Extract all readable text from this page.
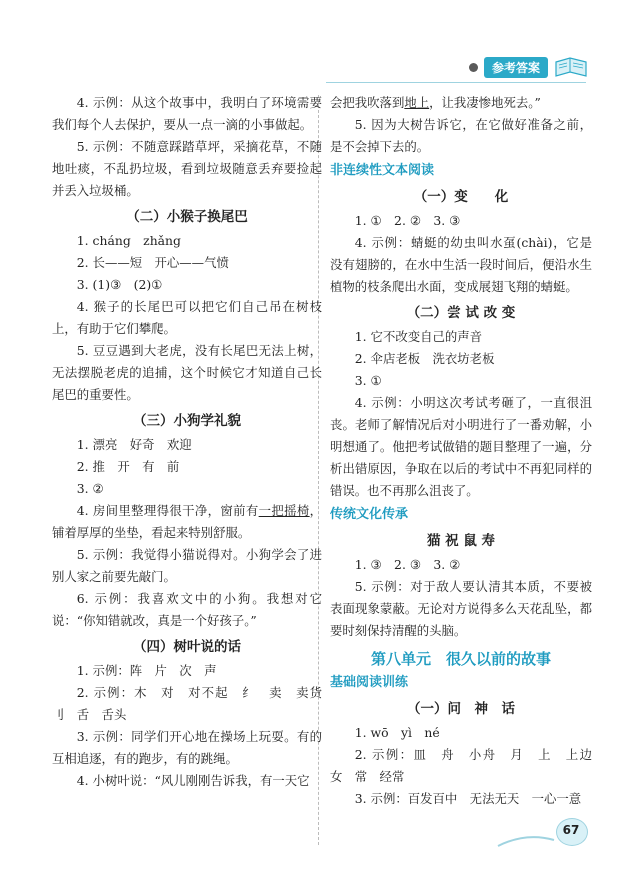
参考答案

4. 示例：从这个故事中，我明白了环境需要我们每个人去保护，要从一点一滴的小事做起。

5. 示例：不随意踩踏草坪，采摘花草，不随地吐痰，不乱扔垃圾，看到垃圾随意丢弃要捡起并丢入垃圾桶。

（二）小猴子换尾巴

1. cháng　zhǎng

2. 长——短　开心——气愤

3. (1)③　(2)①

4. 猴子的长尾巴可以把它们自己吊在树枝上，有助于它们攀爬。

5. 豆豆遇到大老虎，没有长尾巴无法上树，无法摆脱老虎的追捕，这个时候它才知道自己长尾巴的重要性。

（三）小狗学礼貌

1. 漂亮　好奇　欢迎

2. 推　开　有　前

3. ②

4. 房间里整理得很干净，窗前有一把摇椅，铺着厚厚的坐垫，看起来特别舒服。

5. 示例：我觉得小猫说得对。小狗学会了进别人家之前要先敲门。

6. 示例：我喜欢文中的小狗。我想对它说：“你知错就改，真是一个好孩子。”

（四）树叶说的话

1. 示例：阵　片　次　声

2. 示例：木　对　对不起　纟　卖　卖货　刂　舌　舌头

3. 示例：同学们开心地在操场上玩耍。有的互相追逐，有的跑步，有的跳绳。

4. 小树叶说：“风儿刚刚告诉我，有一天它

会把我吹落到地上，让我凄惨地死去。”

5. 因为大树告诉它，在它做好准备之前，是不会掉下去的。

非连续性文本阅读
（一）变　　化

1. ①　2. ②　3. ③

4. 示例：蜻蜓的幼虫叫水虿(chài)，它是没有翅膀的，在水中生活一段时间后，便沿水生植物的枝条爬出水面，变成展翅飞翔的蜻蜓。

（二）尝 试 改 变

1. 它不改变自己的声音

2. 伞店老板　洗衣坊老板

3. ①

4. 示例：小明这次考试考砸了，一直很沮丧。老师了解情况后对小明进行了一番劝解，小明想通了。他把考试做错的题目整理了一遍，分析出错原因，争取在以后的考试中不再犯同样的错误。也不再那么沮丧了。

传统文化传承
猫 祝 鼠 寿

1. ③　2. ③　3. ②

5. 示例：对于敌人要认清其本质，不要被表面现象蒙蔽。无论对方说得多么天花乱坠，都要时刻保持清醒的头脑。

第八单元　很久以前的故事
基础阅读训练
（一）问　神　话

1. wō　yì　né

2. 示例：皿　舟　小舟　月　上　上边　女　常　经常

3. 示例：百发百中　无法无天　一心一意

67
